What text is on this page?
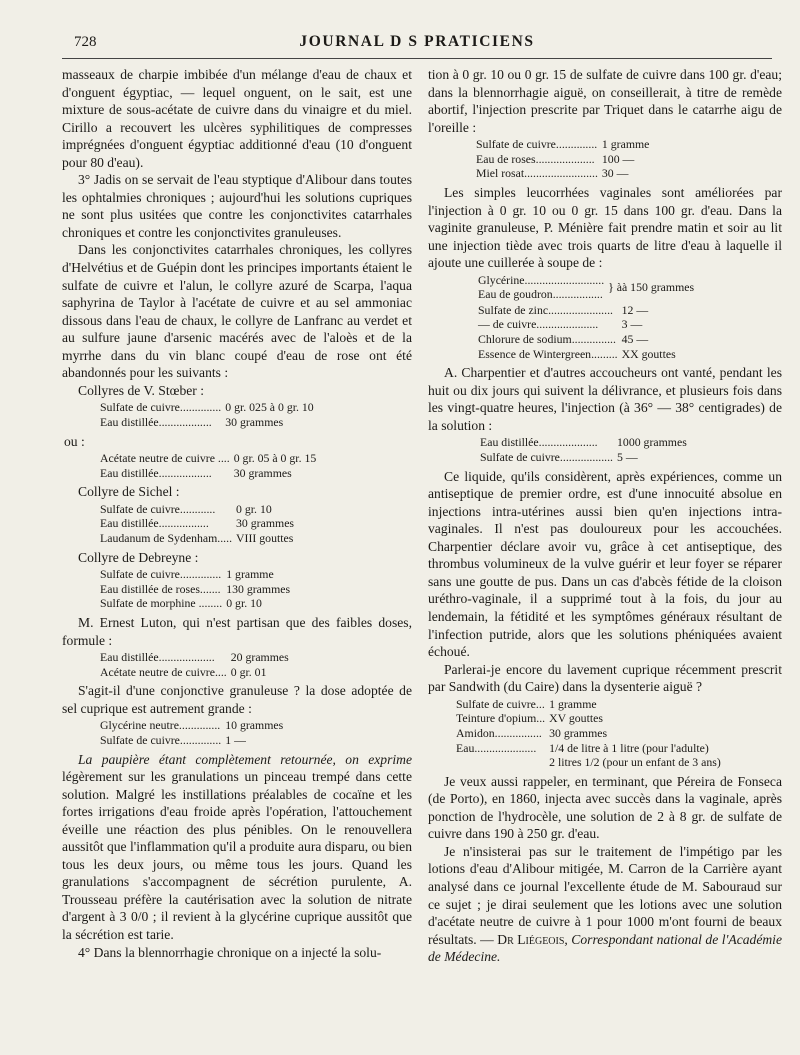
728	JOURNAL D S PRATICIENS

masseaux de charpie imbibée d'un mélange d'eau de chaux et d'onguent égyptiac, — lequel onguent, on le sait, est une mixture de sous-acétate de cuivre dans du vinaigre et du miel. Cirillo a recouvert les ulcères syphilitiques de compresses imprégnées d'onguent égyptiac additionné d'eau (10 d'onguent pour 80 d'eau).

3° Jadis on se servait de l'eau styptique d'Alibour dans toutes les ophtalmies chroniques ; aujourd'hui les solutions cupriques ne sont plus usitées que contre les conjonctivites catarrhales chroniques et contre les conjonctivites granuleuses.

Dans les conjonctivites catarrhales chroniques, les collyres d'Helvétius et de Guépin dont les principes importants étaient le sulfate de cuivre et l'alun, le collyre azuré de Scarpa, l'aqua saphyrina de Taylor à l'acétate de cuivre et au sel ammoniac dissous dans l'eau de chaux, le collyre de Lanfranc au verdet et au sulfure jaune d'arsenic macérés avec de l'aloès et de la myrrhe dans du vin blanc coupé d'eau de rose ont été abandonnés pour les suivants :

Collyres de V. Stœber :
Sulfate de cuivre..............	0 gr. 025 à 0 gr. 10
Eau distillée..................	30 grammes
ou :
Acétate neutre de cuivre ....	0 gr. 05 à 0 gr. 15
Eau distillée..................	30 grammes
Collyre de Sichel :
Sulfate de cuivre............	0 gr. 10
Eau distillée.................	30 grammes
Laudanum de Sydenham.....	VIII gouttes
Collyre de Debreyne :
Sulfate de cuivre..............	1 gramme
Eau distillée de roses.......	130 grammes
Sulfate de morphine ........	0 gr. 10

M. Ernest Luton, qui n'est partisan que des faibles doses, formule :

Eau distillée...................	20 grammes
Acétate neutre de cuivre....	0 gr. 01

S'agit-il d'une conjonctive granuleuse ? la dose adoptée de sel cuprique est autrement grande :

Glycérine neutre..............	10 grammes
Sulfate de cuivre..............	1 —

La paupière étant complètement retournée, on exprime légèrement sur les granulations un pinceau trempé dans cette solution. Malgré les instillations préalables de cocaïne et les fortes irrigations d'eau froide après l'opération, l'attouchement éveille une réaction des plus pénibles. On le renouvellera aussitôt que l'inflammation qu'il a produite aura disparu, ou bien tous les deux jours, ou même tous les jours. Quand les granulations s'accompagnent de sécrétion purulente, A. Trousseau préfère la cautérisation avec la solution de nitrate d'argent à 3 0/0 ; il revient à la glycérine cuprique aussitôt que la sécrétion est tarie.

4° Dans la blennorrhagie chronique on a injecté la solu-

tion à 0 gr. 10 ou 0 gr. 15 de sulfate de cuivre dans 100 gr. d'eau; dans la blennorrhagie aiguë, on conseillerait, à titre de remède abortif, l'injection prescrite par Triquet dans le catarrhe aigu de l'oreille :

Sulfate de cuivre..............	1 gramme
Eau de roses....................	100 —
Miel rosat.........................	30 —

Les simples leucorrhées vaginales sont améliorées par l'injection à 0 gr. 10 ou 0 gr. 15 dans 100 gr. d'eau. Dans la vaginite granuleuse, P. Ménière fait prendre matin et soir au lit une injection tiède avec trois quarts de litre d'eau à laquelle il ajoute une cuillerée à soupe de :

Glycérine...........................	} àà 150 grammes
Eau de goudron.................
Sulfate de zinc......................	12 —
— de cuivre.....................	3 —
Chlorure de sodium...............	45 —
Essence de Wintergreen.........	XX gouttes

A. Charpentier et d'autres accoucheurs ont vanté, pendant les huit ou dix jours qui suivent la délivrance, et plusieurs fois dans les vingt-quatre heures, l'injection (à 36° — 38° centigrades) de la solution :

Eau distillée....................	1000 grammes
Sulfate de cuivre..................	5 —

Ce liquide, qu'ils considèrent, après expériences, comme un antiseptique de premier ordre, est d'une innocuité absolue en injections intra-utérines aussi bien qu'en injections intra-vaginales. Il n'est pas douloureux pour les accouchées. Charpentier déclare avoir vu, grâce à cet antiseptique, des thrombus volumineux de la vulve guérir et leur foyer se réparer sans une goutte de pus. Dans un cas d'abcès fétide de la cloison uréthro-vaginale, il a supprimé tout à la fois, du jour au lendemain, la fétidité et les symptômes généraux résultant de l'infection putride, alors que les solutions phéniquées avaient échoué.

Parlerai-je encore du lavement cuprique récemment prescrit par Sandwith (du Caire) dans la dysenterie aiguë ?

Sulfate de cuivre...	1 gramme
Teinture d'opium...	XV gouttes
Amidon................	30 grammes
Eau.....................	1/4 de litre à 1 litre (pour l'adulte)
	2 litres 1/2 (pour un enfant de 3 ans)

Je veux aussi rappeler, en terminant, que Péreira de Fonseca (de Porto), en 1860, injecta avec succès dans la vaginale, après ponction de l'hydrocèle, une solution de 2 à 8 gr. de sulfate de cuivre dans 190 à 250 gr. d'eau.

Je n'insisterai pas sur le traitement de l'impétigo par les lotions d'eau d'Alibour mitigée, M. Carron de la Carrière ayant analysé dans ce journal l'excellente étude de M. Sabouraud sur ce sujet ; je dirai seulement que les lotions avec une solution d'acétate neutre de cuivre à 1 pour 1000 m'ont fourni de beaux résultats. — Dr Liégeois, Correspondant national de l'Académie de Médecine.
